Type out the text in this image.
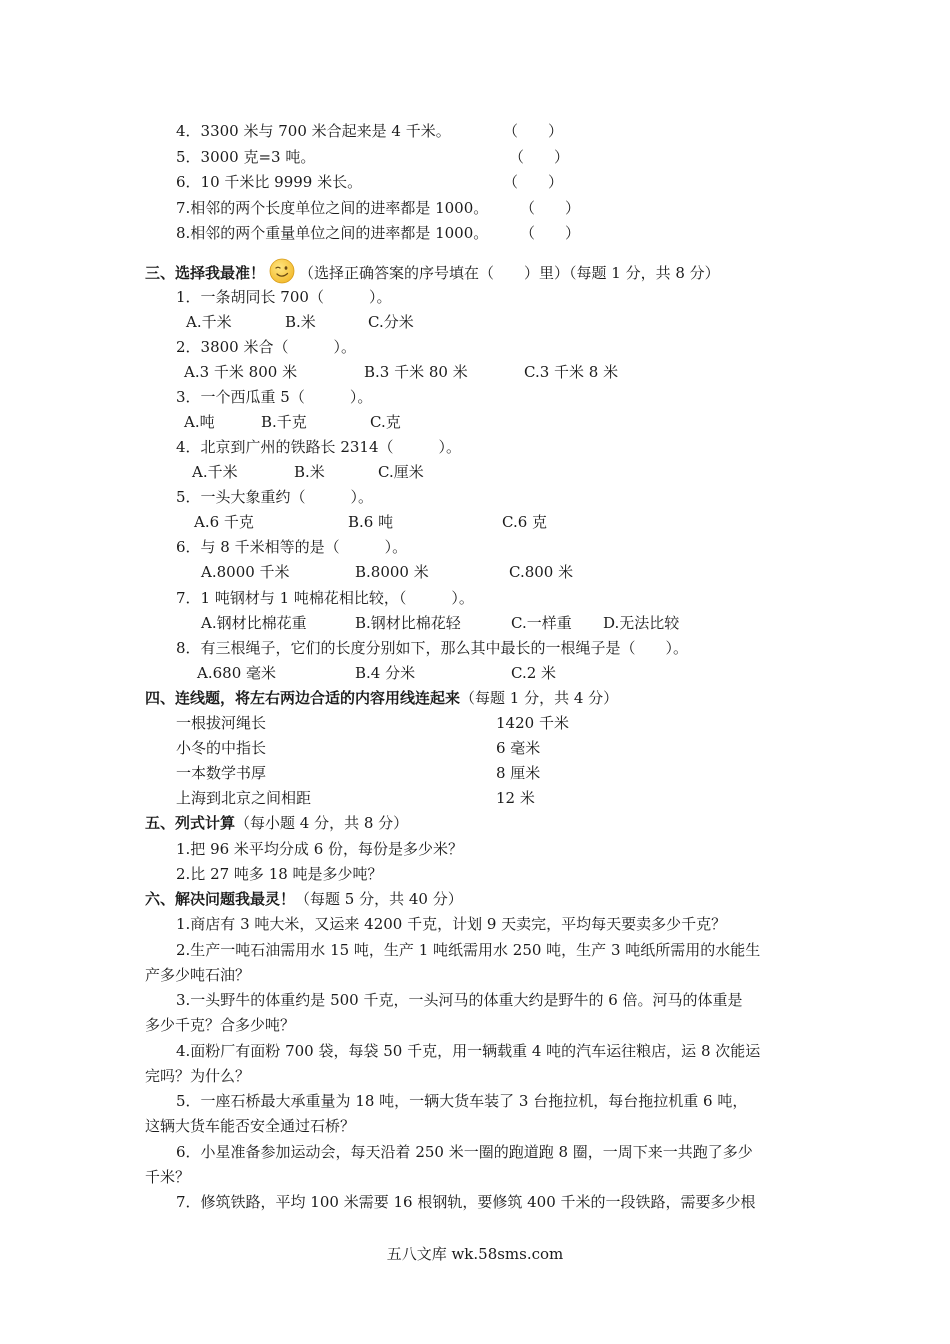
4．3300 米与 700 米合起来是 4 千米。	（　　）
5．3000 克=3 吨。	（　　）
6．10 千米比 9999 米长。	（　　）
7.相邻的两个长度单位之间的进率都是 1000。 （　　）
8.相邻的两个重量单位之间的进率都是 1000。 （　　）
三、选择我最准！ （选择正确答案的序号填在（　　）里）（每题 1 分，共 8 分）
1．一条胡同长 700（　　　）。
A.千米	B.米	C.分米
2．3800 米合（　　　）。
A.3 千米 800 米	B.3 千米 80 米	C.3 千米 8 米
3．一个西瓜重 5（　　　）。
A.吨	B.千克	C.克
4．北京到广州的铁路长 2314（　　　）。
A.千米	B.米	C.厘米
5．一头大象重约（　　　）。
A.6 千克	B.6 吨	C.6 克
6．与 8 千米相等的是（　　　）。
A.8000 千米	B.8000 米	C.800 米
7．1 吨钢材与 1 吨棉花相比较，（　　　）。
A.钢材比棉花重	B.钢材比棉花轻	C.一样重 D.无法比较
8．有三根绳子，它们的长度分别如下，那么其中最长的一根绳子是（　　）。
A.680 毫米	B.4 分米	C.2 米
四、连线题，将左右两边合适的内容用线连起来（每题 1 分，共 4 分）
一根拔河绳长	1420 千米
小冬的中指长	6 毫米
一本数学书厚	8 厘米
上海到北京之间相距	12 米
五、列式计算（每小题 4 分，共 8 分）
1.把 96 米平均分成 6 份，每份是多少米？
2.比 27 吨多 18 吨是多少吨？
六、解决问题我最灵！（每题 5 分，共 40 分）
1.商店有 3 吨大米，又运来 4200 千克，计划 9 天卖完，平均每天要卖多少千克？
2.生产一吨石油需用水 15 吨，生产 1 吨纸需用水 250 吨，生产 3 吨纸所需用的水能生
产多少吨石油？
3.一头野牛的体重约是 500 千克，一头河马的体重大约是野牛的 6 倍。河马的体重是
多少千克？合多少吨？
4.面粉厂有面粉 700 袋，每袋 50 千克，用一辆载重 4 吨的汽车运往粮店，运 8 次能运
完吗？为什么？
5．一座石桥最大承重量为 18 吨，一辆大货车装了 3 台拖拉机，每台拖拉机重 6 吨，
这辆大货车能否安全通过石桥？
6．小星准备参加运动会，每天沿着 250 米一圈的跑道跑 8 圈，一周下来一共跑了多少
千米？
7．修筑铁路，平均 100 米需要 16 根钢轨，要修筑 400 千米的一段铁路，需要多少根
五八文库 wk.58sms.com
